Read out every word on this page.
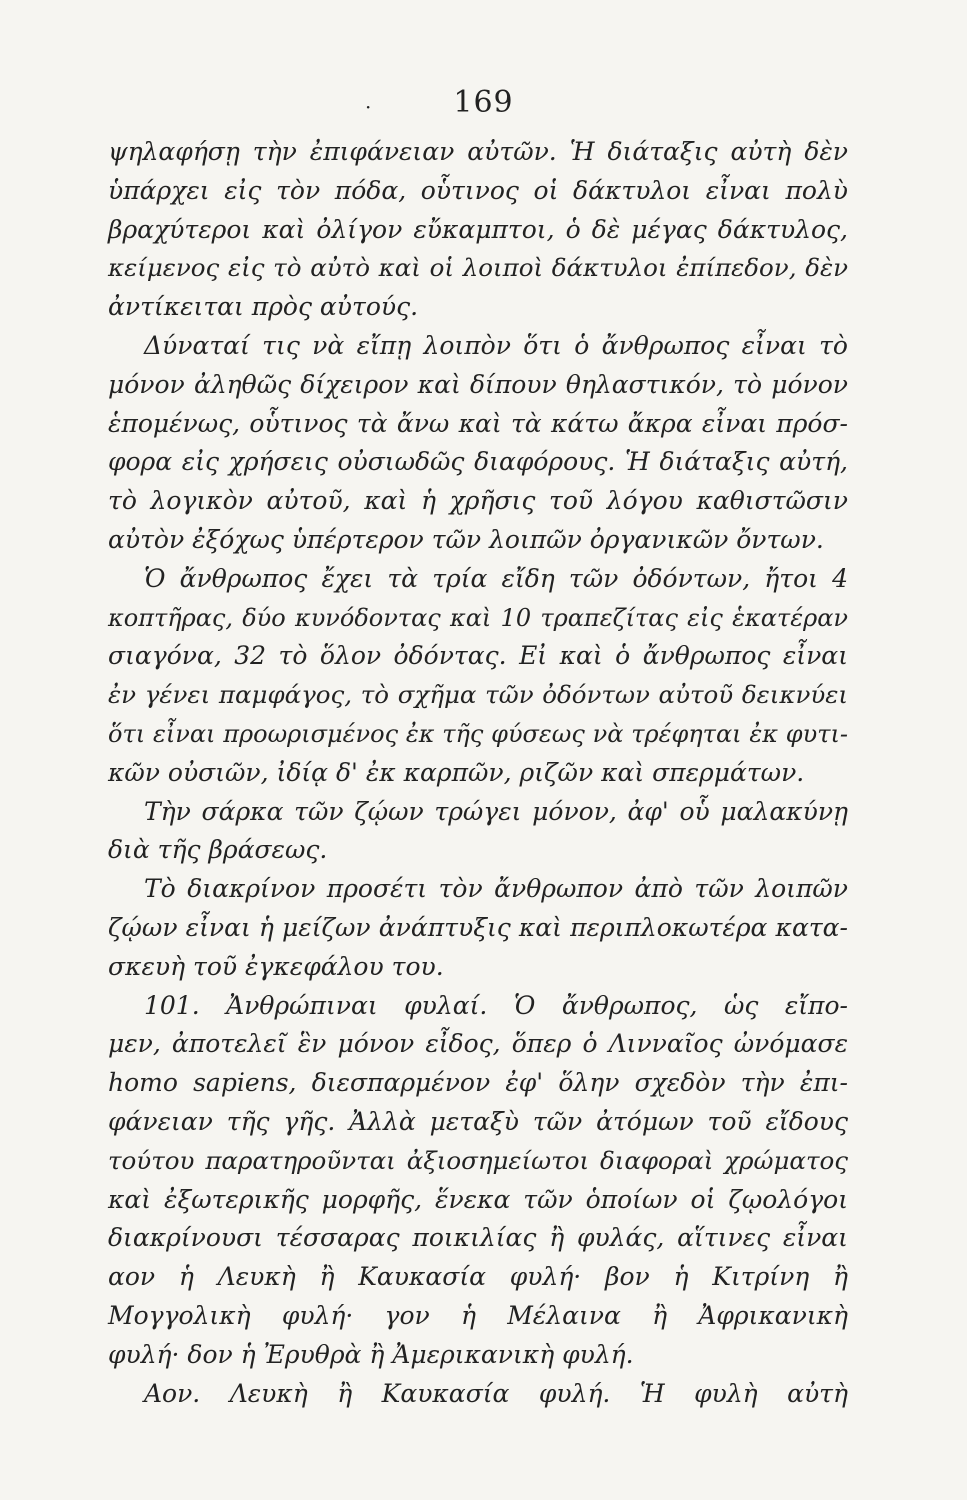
·	169
ψηλαφήσῃ τὴν ἐπιφάνειαν αὐτῶν. Ἡ διάταξις αὐτὴ δὲν
ὑπάρχει εἰς τὸν πόδα, οὗτινος οἱ δάκτυλοι εἶναι πολὺ
βραχύτεροι καὶ ὀλίγον εὔκαμπτοι, ὁ δὲ μέγας δάκτυλος,
κείμενος εἰς τὸ αὐτὸ καὶ οἱ λοιποὶ δάκτυλοι ἐπίπεδον, δὲν
ἀντίκειται πρὸς αὐτούς.
Δύναταί τις νὰ εἴπῃ λοιπὸν ὅτι ὁ ἄνθρωπος εἶναι τὸ
μόνον ἀληθῶς δίχειρον καὶ δίπουν θηλαστικόν, τὸ μόνον
ἑπομένως, οὗτινος τὰ ἄνω καὶ τὰ κάτω ἄκρα εἶναι πρόσ-
φορα εἰς χρήσεις οὐσιωδῶς διαφόρους. Ἡ διάταξις αὐτή,
τὸ λογικὸν αὐτοῦ, καὶ ἡ χρῆσις τοῦ λόγου καθιστῶσιν
αὐτὸν ἐξόχως ὑπέρτερον τῶν λοιπῶν ὀργανικῶν ὄντων.
Ὁ ἄνθρωπος ἔχει τὰ τρία εἴδη τῶν ὀδόντων, ἤτοι 4
κοπτῆρας, δύο κυνόδοντας καὶ 10 τραπεζίτας εἰς ἑκατέραν
σιαγόνα, 32 τὸ ὅλον ὀδόντας. Εἰ καὶ ὁ ἄνθρωπος εἶναι
ἐν γένει παμφάγος, τὸ σχῆμα τῶν ὀδόντων αὐτοῦ δεικνύει
ὅτι εἶναι προωρισμένος ἐκ τῆς φύσεως νὰ τρέφηται ἐκ φυτι-
κῶν οὐσιῶν, ἰδίᾳ δ' ἐκ καρπῶν, ριζῶν καὶ σπερμάτων.
Τὴν σάρκα τῶν ζῴων τρώγει μόνον, ἀφ' οὗ μαλακύνῃ
διὰ τῆς βράσεως.
Τὸ διακρίνον προσέτι τὸν ἄνθρωπον ἀπὸ τῶν λοιπῶν
ζῴων εἶναι ἡ μείζων ἀνάπτυξις καὶ περιπλοκωτέρα κατα-
σκευὴ τοῦ ἐγκεφάλου του.
101. Ἀνθρώπιναι φυλαί. Ὁ ἄνθρωπος, ὡς εἴπο-
μεν, ἀποτελεῖ ἓν μόνον εἶδος, ὅπερ ὁ Λινναῖος ὠνόμασε
homo sapiens, διεσπαρμένον ἐφ' ὅλην σχεδὸν τὴν ἐπι-
φάνειαν τῆς γῆς. Ἀλλὰ μεταξὺ τῶν ἀτόμων τοῦ εἴδους
τούτου παρατηροῦνται ἀξιοσημείωτοι διαφοραὶ χρώματος
καὶ ἐξωτερικῆς μορφῆς, ἕνεκα τῶν ὁποίων οἱ ζῳολόγοι
διακρίνουσι τέσσαρας ποικιλίας ἢ φυλάς, αἵτινες εἶναι
αον ἡ Λευκὴ ἢ Καυκασία φυλή· βον ἡ Κιτρίνη ἢ
Μογγολικὴ φυλή· γον ἡ Μέλαινα ἢ Ἀφρικανικὴ
φυλή· δον ἡ Ἐρυθρὰ ἢ Ἀμερικανικὴ φυλή.
Αον. Λευκὴ ἢ Καυκασία φυλή. Ἡ φυλὴ αὐτὴ
